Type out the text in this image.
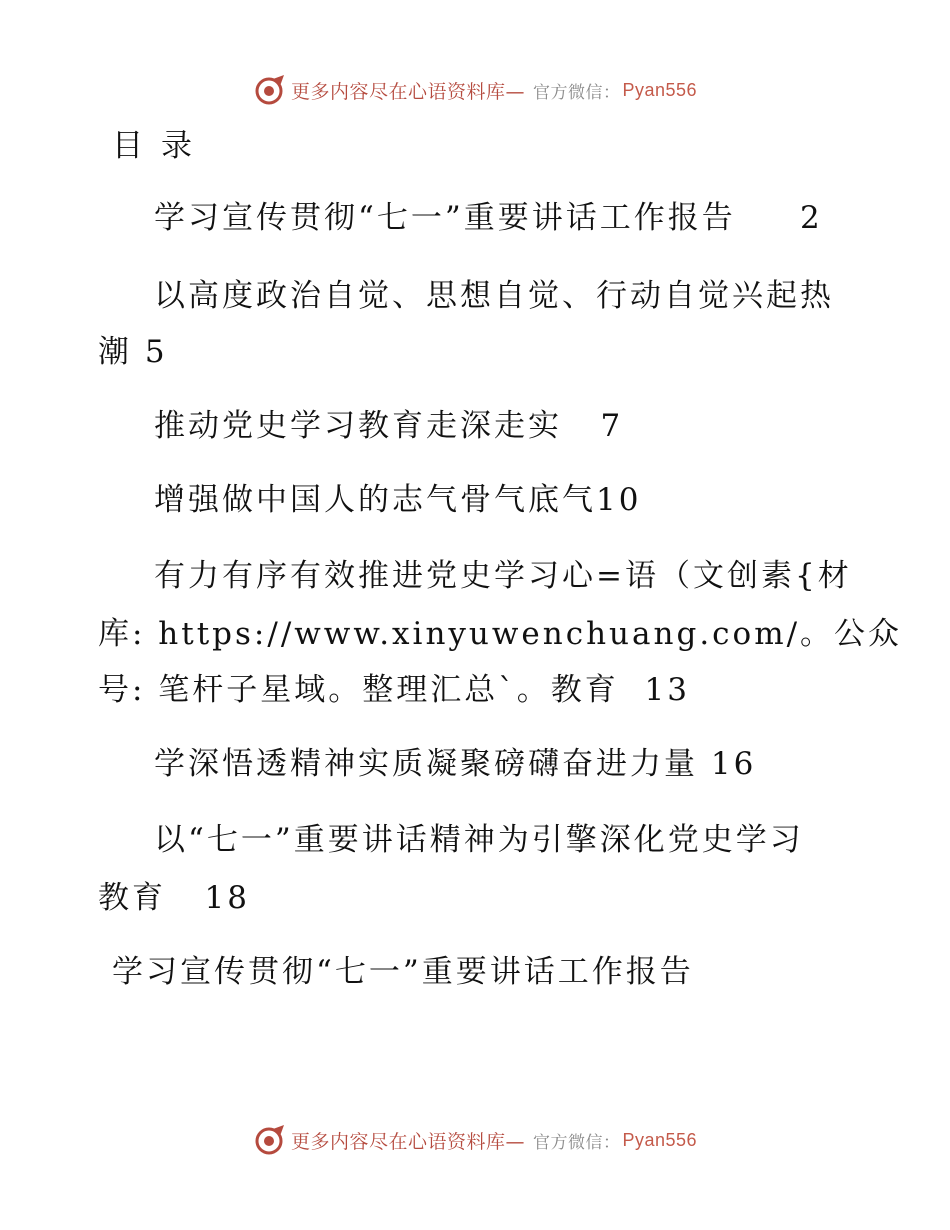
更多内容尽在心语资料库— 官方微信： Pyan556
目录
学习宣传贯彻“七一”重要讲话工作报告     2
以高度政治自觉、思想自觉、行动自觉兴起热
潮 5
推动党史学习教育走深走实   7
增强做中国人的志气骨气底气10
有力有序有效推进党史学习心=语（文创素{材
库: https://www.xinyuwenchuang.com/。公众
号: 笔杆子星域。整理汇总`。教育  13
学深悟透精神实质凝聚磅礴奋进力量 16
以“七一”重要讲话精神为引擎深化党史学习
教育   18
学习宣传贯彻“七一”重要讲话工作报告
更多内容尽在心语资料库— 官方微信： Pyan556
